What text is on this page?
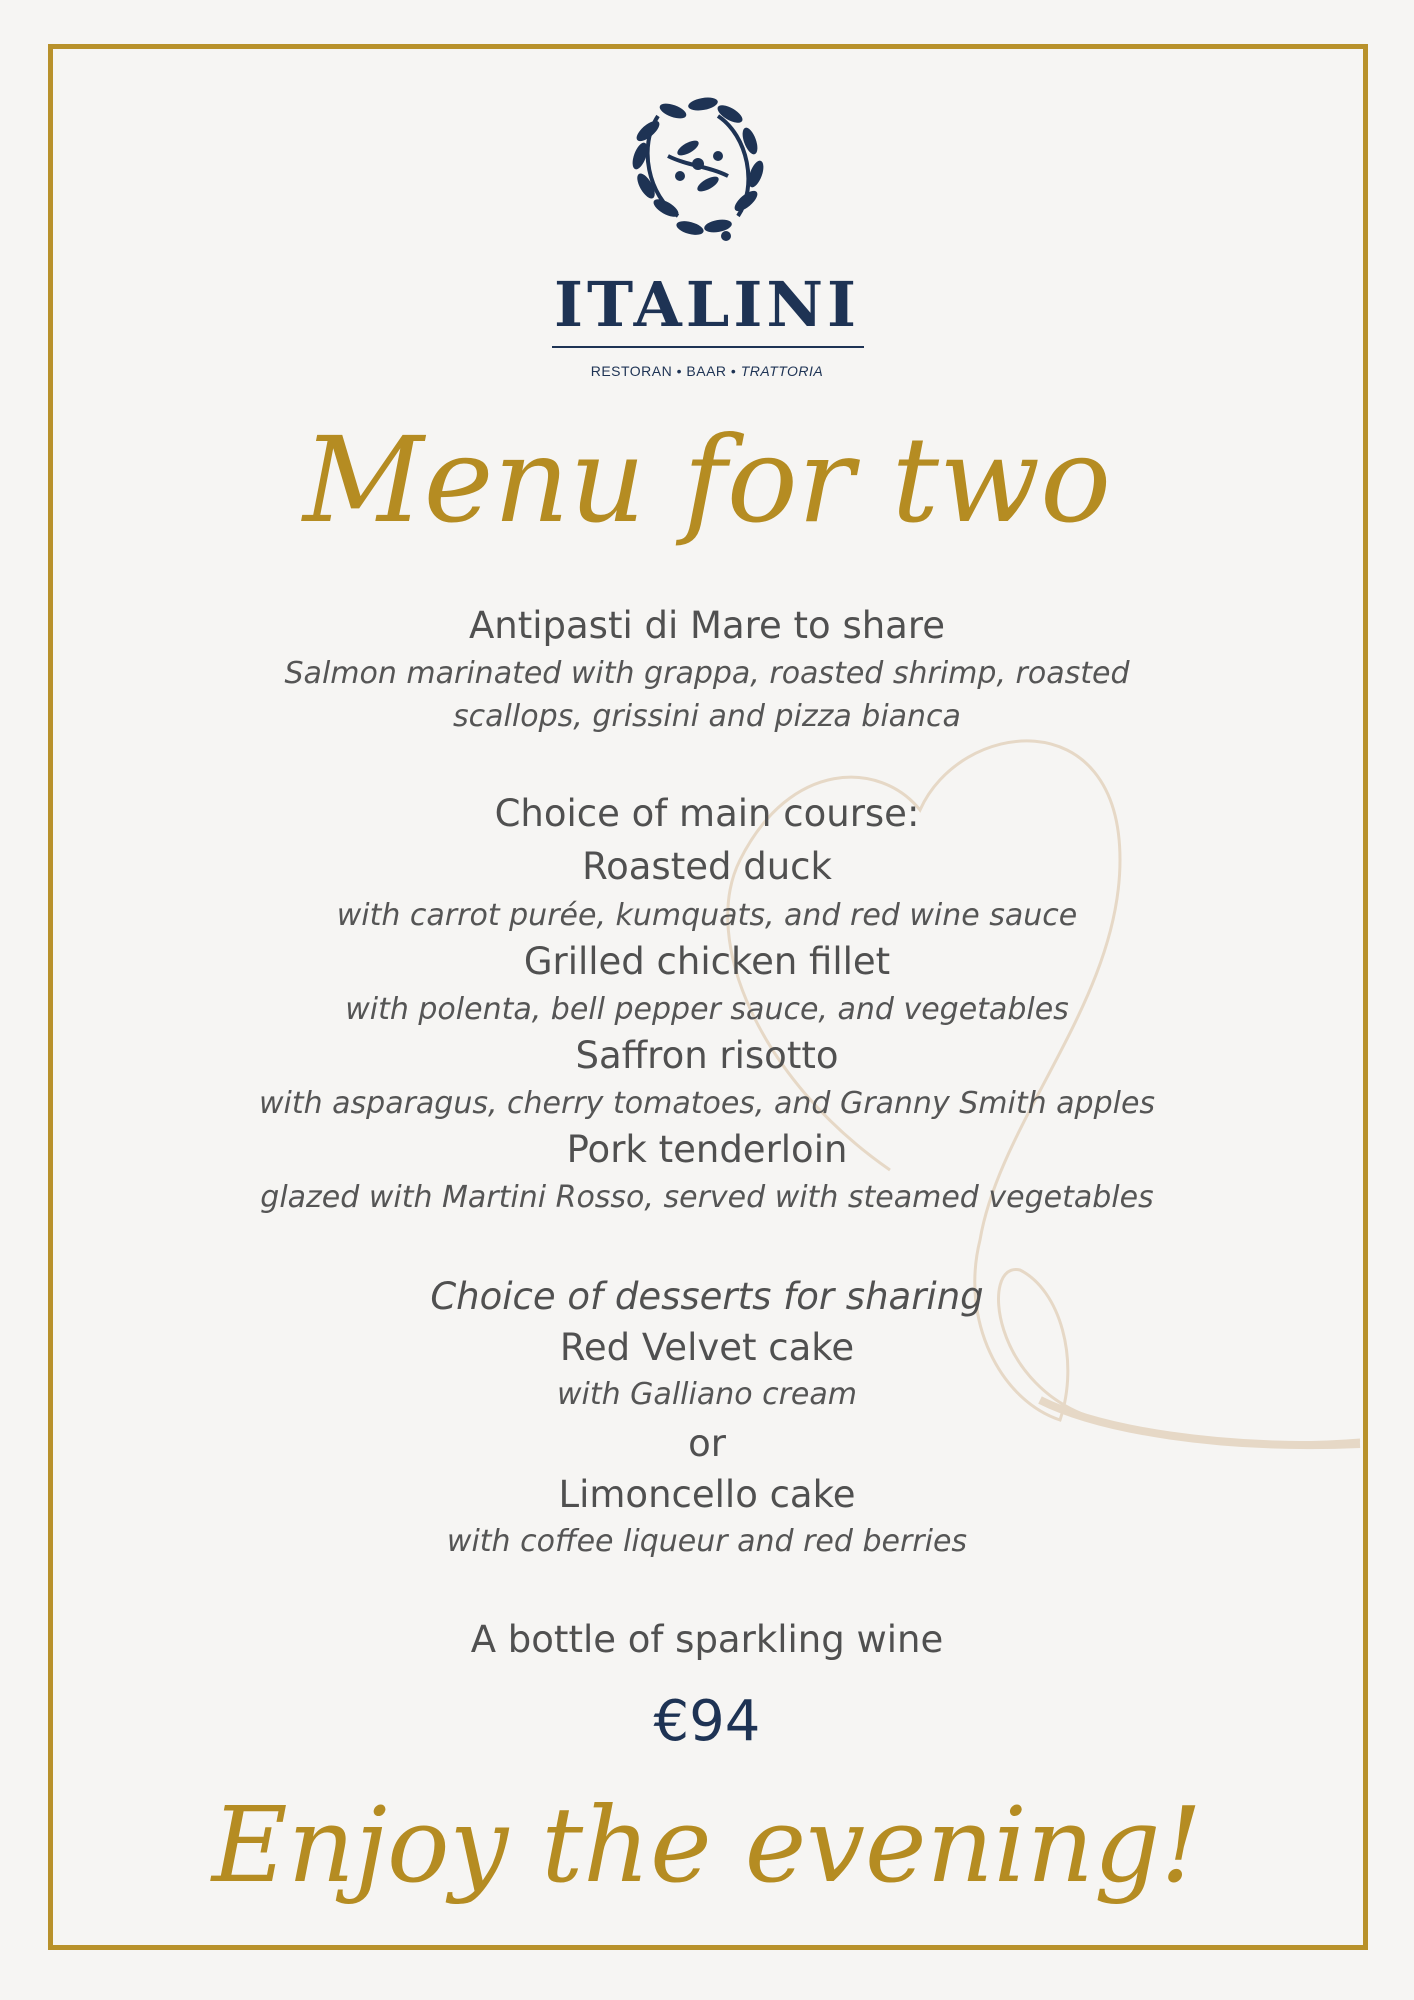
ITALINI
RESTORAN • BAAR • TRATTORIA
Menu for two
Antipasti di Mare to share
Salmon marinated with grappa, roasted shrimp, roasted
scallops, grissini and pizza bianca
Choice of main course:
Roasted duck
with carrot purée, kumquats, and red wine sauce
Grilled chicken fillet
with polenta, bell pepper sauce, and vegetables
Saffron risotto
with asparagus, cherry tomatoes, and Granny Smith apples
Pork tenderloin
glazed with Martini Rosso, served with steamed vegetables
Choice of desserts for sharing
Red Velvet cake
with Galliano cream
or
Limoncello cake
with coffee liqueur and red berries
A bottle of sparkling wine
€94
Enjoy the evening!
